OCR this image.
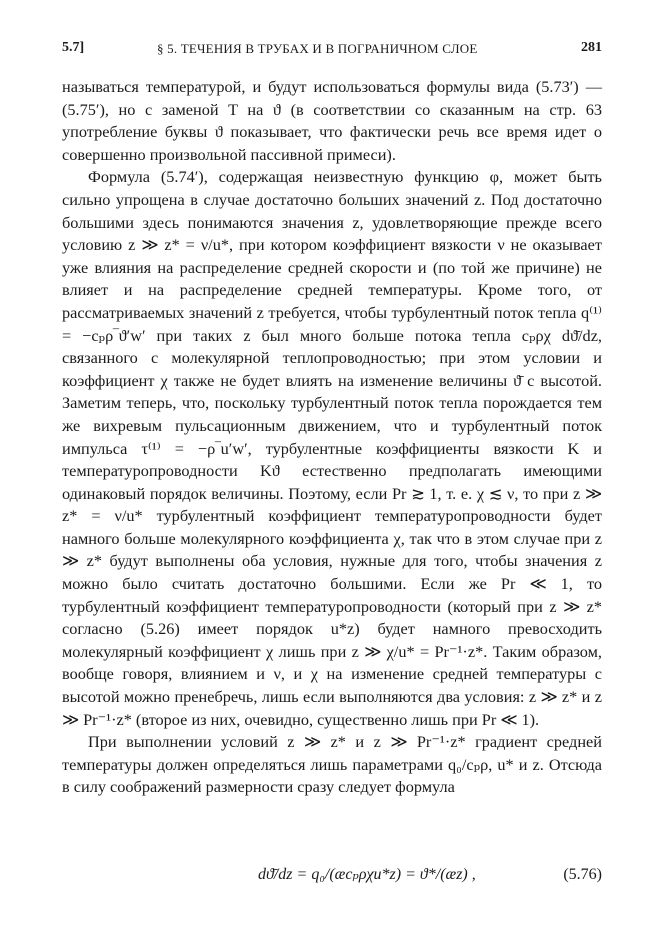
5.7]	§ 5. ТЕЧЕНИЯ В ТРУБАХ И В ПОГРАНИЧНОМ СЛОЕ	281

называться температурой, и будут использоваться формулы вида (5.73′) — (5.75′), но с заменой T на ϑ (в соответствии со сказанным на стр. 63 употребление буквы ϑ показывает, что фактически речь все время идет о совершенно произвольной пассивной примеси).

Формула (5.74′), содержащая неизвестную функцию φ, может быть сильно упрощена в случае достаточно больших значений z. Под достаточно большими здесь понимаются значения z, удовлетворяющие прежде всего условию z ≫ z* = ν/u*, при котором коэффициент вязкости ν не оказывает уже влияния на распределение средней скорости и (по той же причине) не влияет и на распределение средней температуры. Кроме того, от рассматриваемых значений z требуется, чтобы турбулентный поток тепла q⁽¹⁾ = −cₚρ‾ϑ′w′ при таких z был много больше потока тепла cₚρχ dϑ̄/dz, связанного с молекулярной теплопроводностью; при этом условии и коэффициент χ также не будет влиять на изменение величины ϑ̄ с высотой. Заметим теперь, что, поскольку турбулентный поток тепла порождается тем же вихревым пульсационным движением, что и турбулентный поток импульса τ⁽¹⁾ = −ρ‾u′w′, турбулентные коэффициенты вязкости K и температуропроводности Kϑ естественно предполагать имеющими одинаковый порядок величины. Поэтому, если Pr ≳ 1, т. е. χ ≲ ν, то при z ≫ z* = ν/u* турбулентный коэффициент температуропроводности будет намного больше молекулярного коэффициента χ, так что в этом случае при z ≫ z* будут выполнены оба условия, нужные для того, чтобы значения z можно было считать достаточно большими. Если же Pr ≪ 1, то турбулентный коэффициент температуропроводности (который при z ≫ z* согласно (5.26) имеет порядок u*z) будет намного превосходить молекулярный коэффициент χ лишь при z ≫ χ/u* = Pr⁻¹·z*. Таким образом, вообще говоря, влиянием и ν, и χ на изменение средней температуры с высотой можно пренебречь, лишь если выполняются два условия: z ≫ z* и z ≫ Pr⁻¹·z* (второе из них, очевидно, существенно лишь при Pr ≪ 1).

При выполнении условий z ≫ z* и z ≫ Pr⁻¹·z* градиент средней температуры должен определяться лишь параметрами q₀/cₚρ, u* и z. Отсюда в силу соображений размерности сразу следует формула

dϑ̄/dz = q₀/(æcₚρχu*z) = ϑ*/(æz) ,	(5.76)
